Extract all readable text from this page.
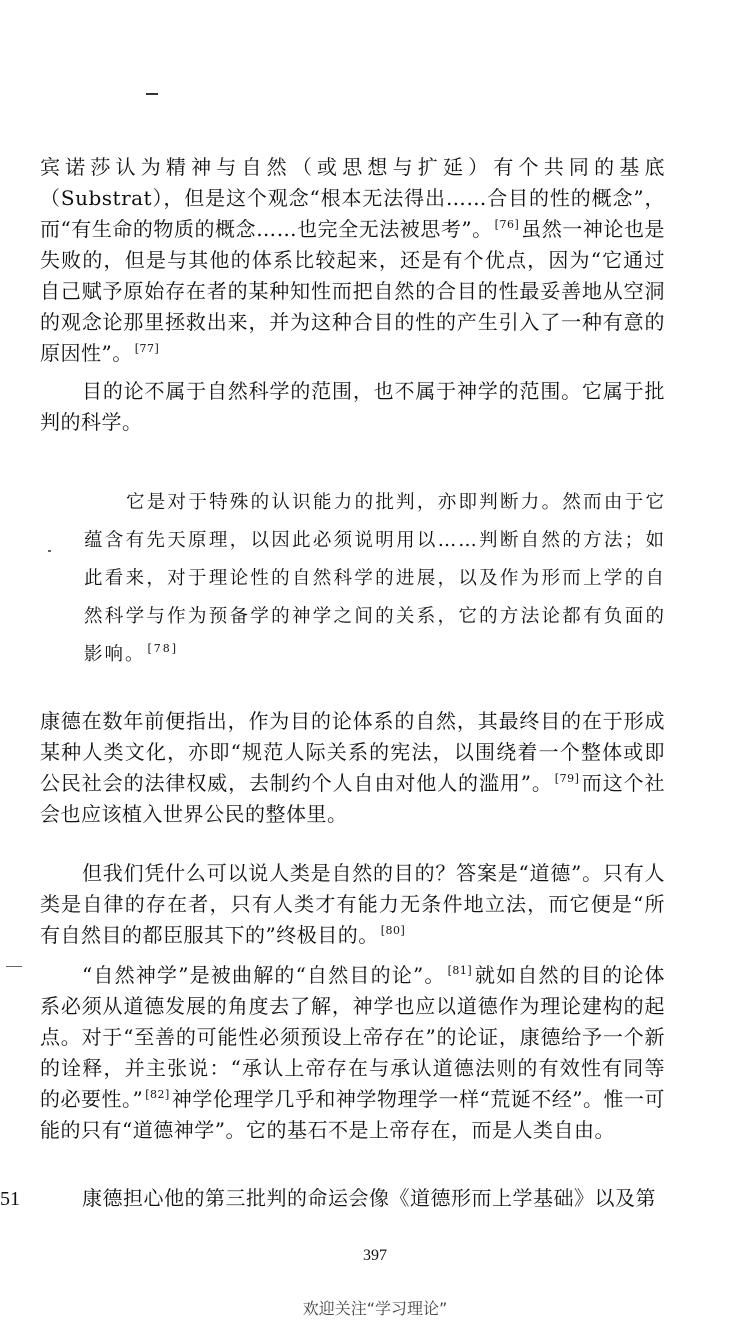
宾诺莎认为精神与自然（或思想与扩延）有个共同的基底（Substrat），但是这个观念“根本无法得出……合目的性的概念”，而“有生命的物质的概念……也完全无法被思考”。 [76] 虽然一神论也是失败的，但是与其他的体系比较起来，还是有个优点，因为“它通过自己赋予原始存在者的某种知性而把自然的合目的性最妥善地从空洞的观念论那里拯救出来，并为这种合目的性的产生引入了一种有意的原因性”。 [77]

目的论不属于自然科学的范围，也不属于神学的范围。它属于批判的科学。

它是对于特殊的认识能力的批判，亦即判断力。然而由于它蕴含有先天原理，以因此必须说明用以……判断自然的方法；如此看来，对于理论性的自然科学的进展，以及作为形而上学的自然科学与作为预备学的神学之间的关系，它的方法论都有负面的影响。 [78]

康德在数年前便指出，作为目的论体系的自然，其最终目的在于形成某种人类文化，亦即“规范人际关系的宪法，以围绕着一个整体或即公民社会的法律权威，去制约个人自由对他人的滥用”。 [79] 而这个社会也应该植入世界公民的整体里。

但我们凭什么可以说人类是自然的目的？答案是“道德”。只有人类是自律的存在者，只有人类才有能力无条件地立法，而它便是“所有自然目的都臣服其下的”终极目的。 [80]

“自然神学”是被曲解的“自然目的论”。 [81] 就如自然的目的论体系必须从道德发展的角度去了解，神学也应以道德作为理论建构的起点。对于“至善的可能性必须预设上帝存在”的论证，康德给予一个新的诠释，并主张说：“承认上帝存在与承认道德法则的有效性有同等的必要性。” [82] 神学伦理学几乎和神学物理学一样“荒诞不经”。惟一可能的只有“道德神学”。它的基石不是上帝存在，而是人类自由。

51	康德担心他的第三批判的命运会像《道德形而上学基础》以及第

397
欢迎关注“学习理论”
